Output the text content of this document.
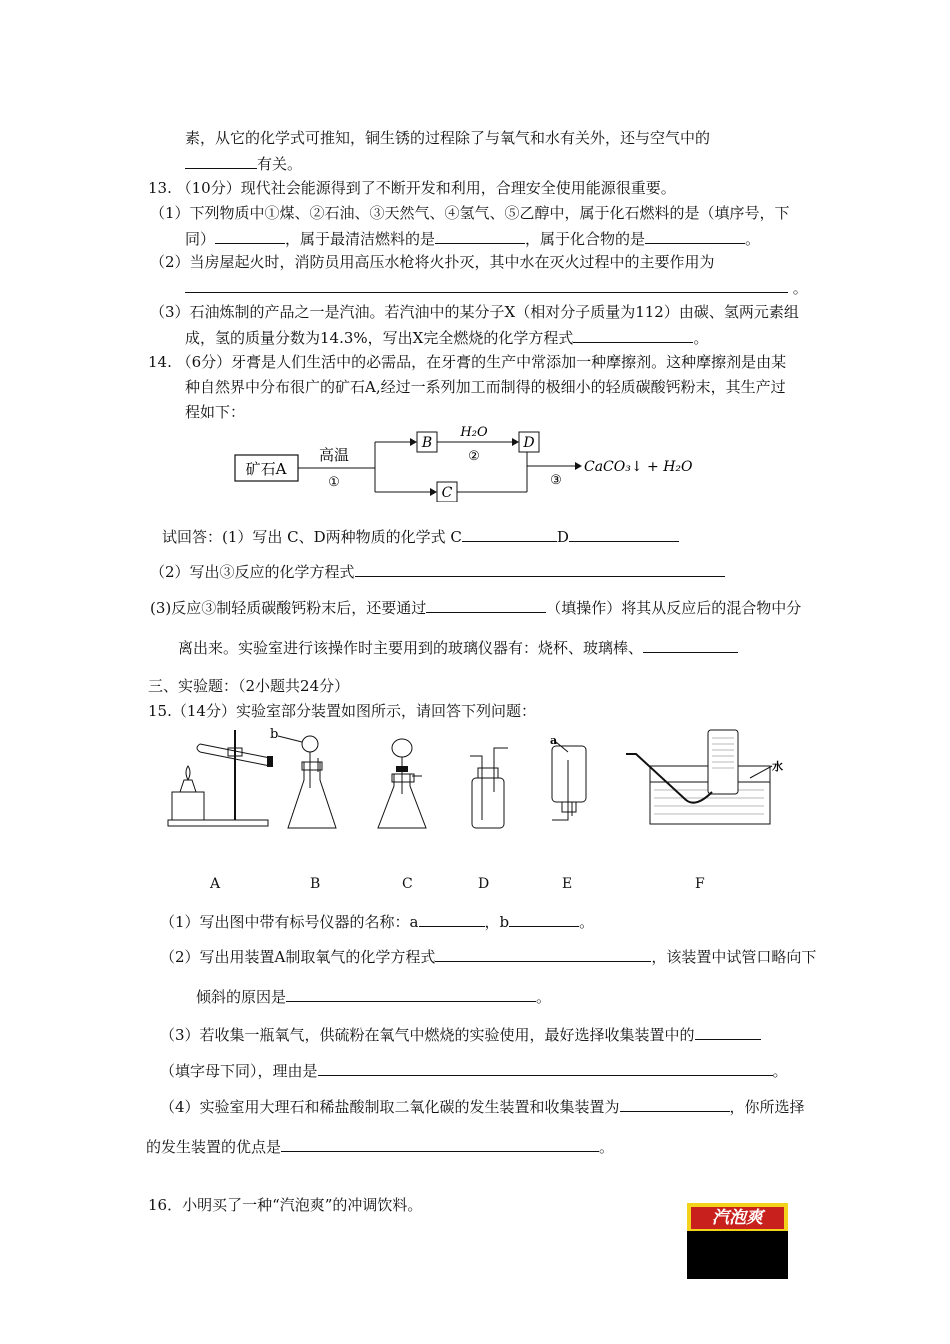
素，从它的化学式可推知，铜生锈的过程除了与氧气和水有关外，还与空气中的
有关。
13. （10分）现代社会能源得到了不断开发和利用，合理安全使用能源很重要。
（1）下列物质中①煤、②石油、③天然气、④氢气、⑤乙醇中，属于化石燃料的是（填序号，下
同）	，属于最清洁燃料的是	，属于化合物的是	。
（2）当房屋起火时，消防员用高压水枪将火扑灭，其中水在灭火过程中的主要作用为
。
（3）石油炼制的产品之一是汽油。若汽油中的某分子X（相对分子质量为112）由碳、氢两元素组
成，氢的质量分数为14.3%，写出X完全燃烧的化学方程式	。
14. （6分）牙膏是人们生活中的必需品，在牙膏的生产中常添加一种摩擦剂。这种摩擦剂是由某
种自然界中分布很广的矿石A,经过一系列加工而制得的极细小的轻质碳酸钙粉末，其生产过
程如下：
矿石A
高温
①
B
H₂O
②
D
C
③
CaCO₃↓ + H₂O
试回答：(1）写出 C、D两种物质的化学式 C	D
（2）写出③反应的化学方程式
(3)反应③制轻质碳酸钙粉末后，还要通过	（填操作）将其从反应后的混合物中分
离出来。实验室进行该操作时主要用到的玻璃仪器有：烧杯、玻璃棒、
三、实验题：（2小题共24分）
15.（14分）实验室部分装置如图所示，请回答下列问题：
b	a
水
A	B	C	D	E	F
（1）写出图中带有标号仪器的名称：a	，b	。
（2）写出用装置A制取氧气的化学方程式	，该装置中试管口略向下
倾斜的原因是	。
（3）若收集一瓶氧气，供硫粉在氧气中燃烧的实验使用，最好选择收集装置中的
（填字母下同），理由是	。
（4）实验室用大理石和稀盐酸制取二氧化碳的发生装置和收集装置为	，你所选择
的发生装置的优点是	。
16．小明买了一种“汽泡爽”的冲调饮料。
汽泡爽
